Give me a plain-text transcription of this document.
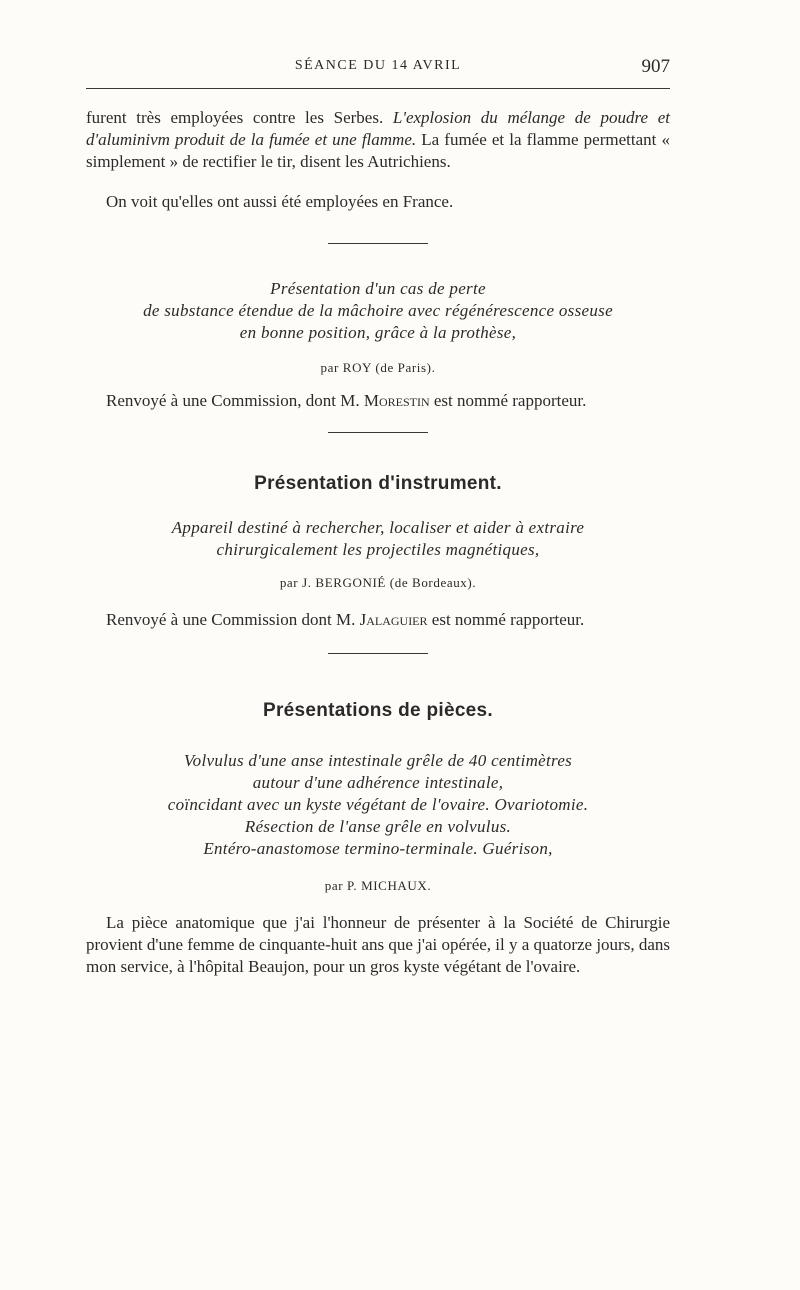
SÉANCE DU 14 AVRIL	907

furent très employées contre les Serbes. L'explosion du mélange de poudre et d'aluminivm produit de la fumée et une flamme. La fumée et la flamme permettant « simplement » de rectifier le tir, disent les Autrichiens.

On voit qu'elles ont aussi été employées en France.

Présentation d'un cas de perte
de substance étendue de la mâchoire avec régénérescence osseuse
en bonne position, grâce à la prothèse,
par ROY (de Paris).

Renvoyé à une Commission, dont M. Morestin est nommé rapporteur.

Présentation d'instrument.
Appareil destiné à rechercher, localiser et aider à extraire
chirurgicalement les projectiles magnétiques,
par J. BERGONIÉ (de Bordeaux).

Renvoyé à une Commission dont M. Jalaguier est nommé rapporteur.

Présentations de pièces.
Volvulus d'une anse intestinale grêle de 40 centimètres
autour d'une adhérence intestinale,
coïncidant avec un kyste végétant de l'ovaire. Ovariotomie.
Résection de l'anse grêle en volvulus.
Entéro-anastomose termino-terminale. Guérison,
par P. MICHAUX.

La pièce anatomique que j'ai l'honneur de présenter à la Société de Chirurgie provient d'une femme de cinquante-huit ans que j'ai opérée, il y a quatorze jours, dans mon service, à l'hôpital Beaujon, pour un gros kyste végétant de l'ovaire.
